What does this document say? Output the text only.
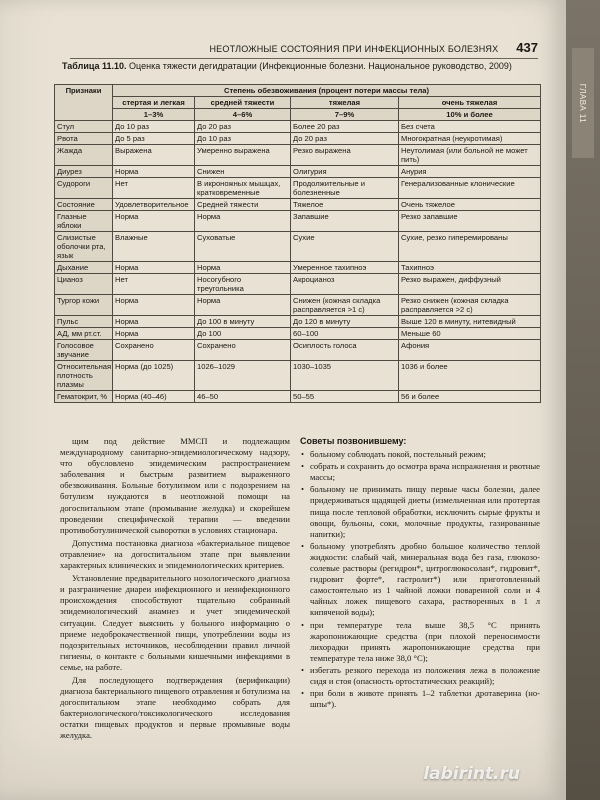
НЕОТЛОЖНЫЕ СОСТОЯНИЯ ПРИ ИНФЕКЦИОННЫХ БОЛЕЗНЯХ 437
Таблица 11.10. Оценка тяжести дегидратации (Инфекционные болезни. Национальное руководство, 2009)
Признаки	Степень обезвоживания (процент потери массы тела)			
	стертая и легкая	средней тяжести	тяжелая	очень тяжелая
	1–3%	4–6%	7–9%	10% и более
Стул	До 10 раз	До 20 раз	Более 20 раз	Без счета
Рвота	До 5 раз	До 10 раз	До 20 раз	Многократная (неукротимая)
Жажда	Выражена	Умеренно выражена	Резко выражена	Неутолимая (или больной не может пить)
Диурез	Норма	Снижен	Олигурия	Анурия
Судороги	Нет	В икроножных мышцах, кратковременные	Продолжительные и болезненные	Генерализованные клонические
Состояние	Удовлетворительное	Средней тяжести	Тяжелое	Очень тяжелое
Глазные яблоки	Норма	Норма	Запавшие	Резко запавшие
Слизистые оболочки рта, язык	Влажные	Суховатые	Сухие	Сухие, резко гиперемированы
Дыхание	Норма	Норма	Умеренное тахипноэ	Тахипноэ
Цианоз	Нет	Носогубного треугольника	Акроцианоз	Резко выражен, диффузный
Тургор кожи	Норма	Норма	Снижен (кожная складка расправляется >1 с)	Резко снижен (кожная складка расправляется >2 с)
Пульс	Норма	До 100 в минуту	До 120 в минуту	Выше 120 в минуту, нитевидный
АД, мм рт.ст.	Норма	До 100	60–100	Меньше 60
Голосовое звучание	Сохранено	Сохранено	Осиплость голоса	Афония
Относительная плотность плазмы	Норма (до 1025)	1026–1029	1030–1035	1036 и более
Гематокрит, %	Норма (40–46)	46–50	50–55	56 и более

щим под действие ММСП и подлежащим международному санитарно-эпидемиологическому надзору, что обусловлено эпидемическим распространением заболевания и быстрым развитием выраженного обезвоживания. Больные ботулизмом или с подозрением на ботулизм нуждаются в неотложной помощи на догоспитальном этапе (промывание желудка) и скорейшем проведении специфической терапии — введении противоботулинической сыворотки в условиях стационара.

Допустима постановка диагноза «бактериальное пищевое отравление» на догоспитальном этапе при выявлении характерных клинических и эпидемиологических критериев.

Установление предварительного нозологического диагноза и разграничение диареи инфекционного и неинфекционного происхождения способствуют тщательно собранный эпидемиологический анамнез и учет эпидемической ситуации. Следует выяснить у больного информацию о приеме недоброкачественной пищи, употреблении воды из подозрительных источников, несоблюдении правил личной гигиены, о контакте с больными кишечными инфекциями в семье, на работе.

Для последующего подтверждения (верификации) диагноза бактериального пищевого отравления и ботулизма на догоспитальном этапе необходимо собрать для бактериологического/токсикологического исследования остатки пищевых продуктов и первые промывные воды желудка.

Советы позвонившему:
• больному соблюдать покой, постельный режим;
• собрать и сохранить до осмотра врача испражнения и рвотные массы;
• больному не принимать пищу первые часы болезни, далее придерживаться щадящей диеты (измельченная или протертая пища после тепловой обработки, исключить сырые фрукты и овощи, бульоны, соки, молочные продукты, газированные напитки);
• больному употреблять дробно большое количество теплой жидкости: слабый чай, минеральная вода без газа, глюкозо-солевые растворы (регидрон*, цитроглюкосолан*, гидровит*, гидровит форте*, гастролит*) или приготовленный самостоятельно из 1 чайной ложки поваренной соли и 4 чайных ложек пищевого сахара, растворенных в 1 л кипяченой воды);
• при температуре тела выше 38,5 °С принять жаропонижающие средства (при плохой переносимости лихорадки принять жаропонижающие средства при температуре тела ниже 38,0 °С);
• избегать резкого перехода из положения лежа в положение сидя и стоя (опасность ортостатических реакций);
• при боли в животе принять 1–2 таблетки дротаверина (но-шпы*).
labirint.ru
ГЛАВА 11
